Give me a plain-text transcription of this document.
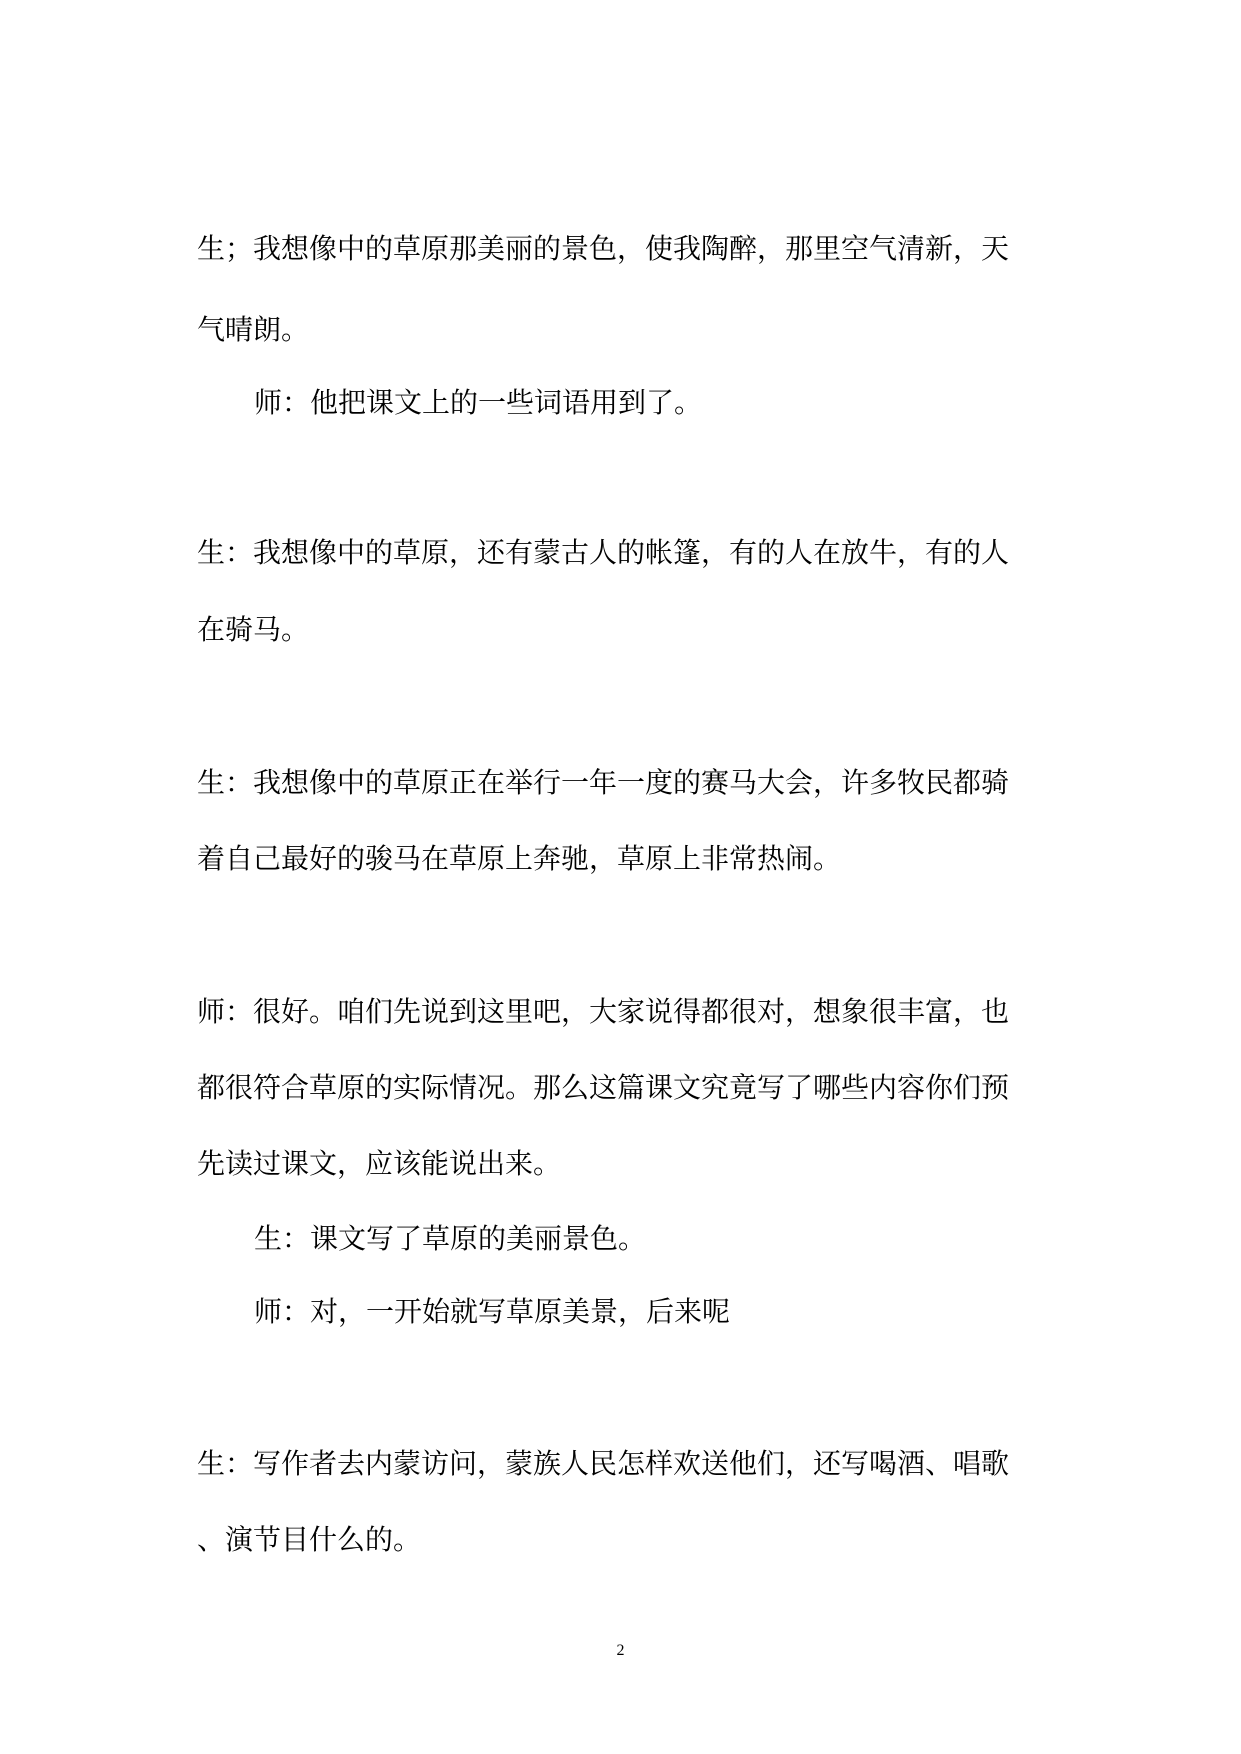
生；我想像中的草原那美丽的景色，使我陶醉，那里空气清新，天

气晴朗。

师：他把课文上的一些词语用到了。

生：我想像中的草原，还有蒙古人的帐篷，有的人在放牛，有的人

在骑马。

生：我想像中的草原正在举行一年一度的赛马大会，许多牧民都骑

着自己最好的骏马在草原上奔驰，草原上非常热闹。

师：很好。咱们先说到这里吧，大家说得都很对，想象很丰富，也

都很符合草原的实际情况。那么这篇课文究竟写了哪些内容你们预

先读过课文，应该能说出来。

生：课文写了草原的美丽景色。

师：对，一开始就写草原美景，后来呢

生：写作者去内蒙访问，蒙族人民怎样欢送他们，还写喝酒、唱歌

、演节目什么的。

2
